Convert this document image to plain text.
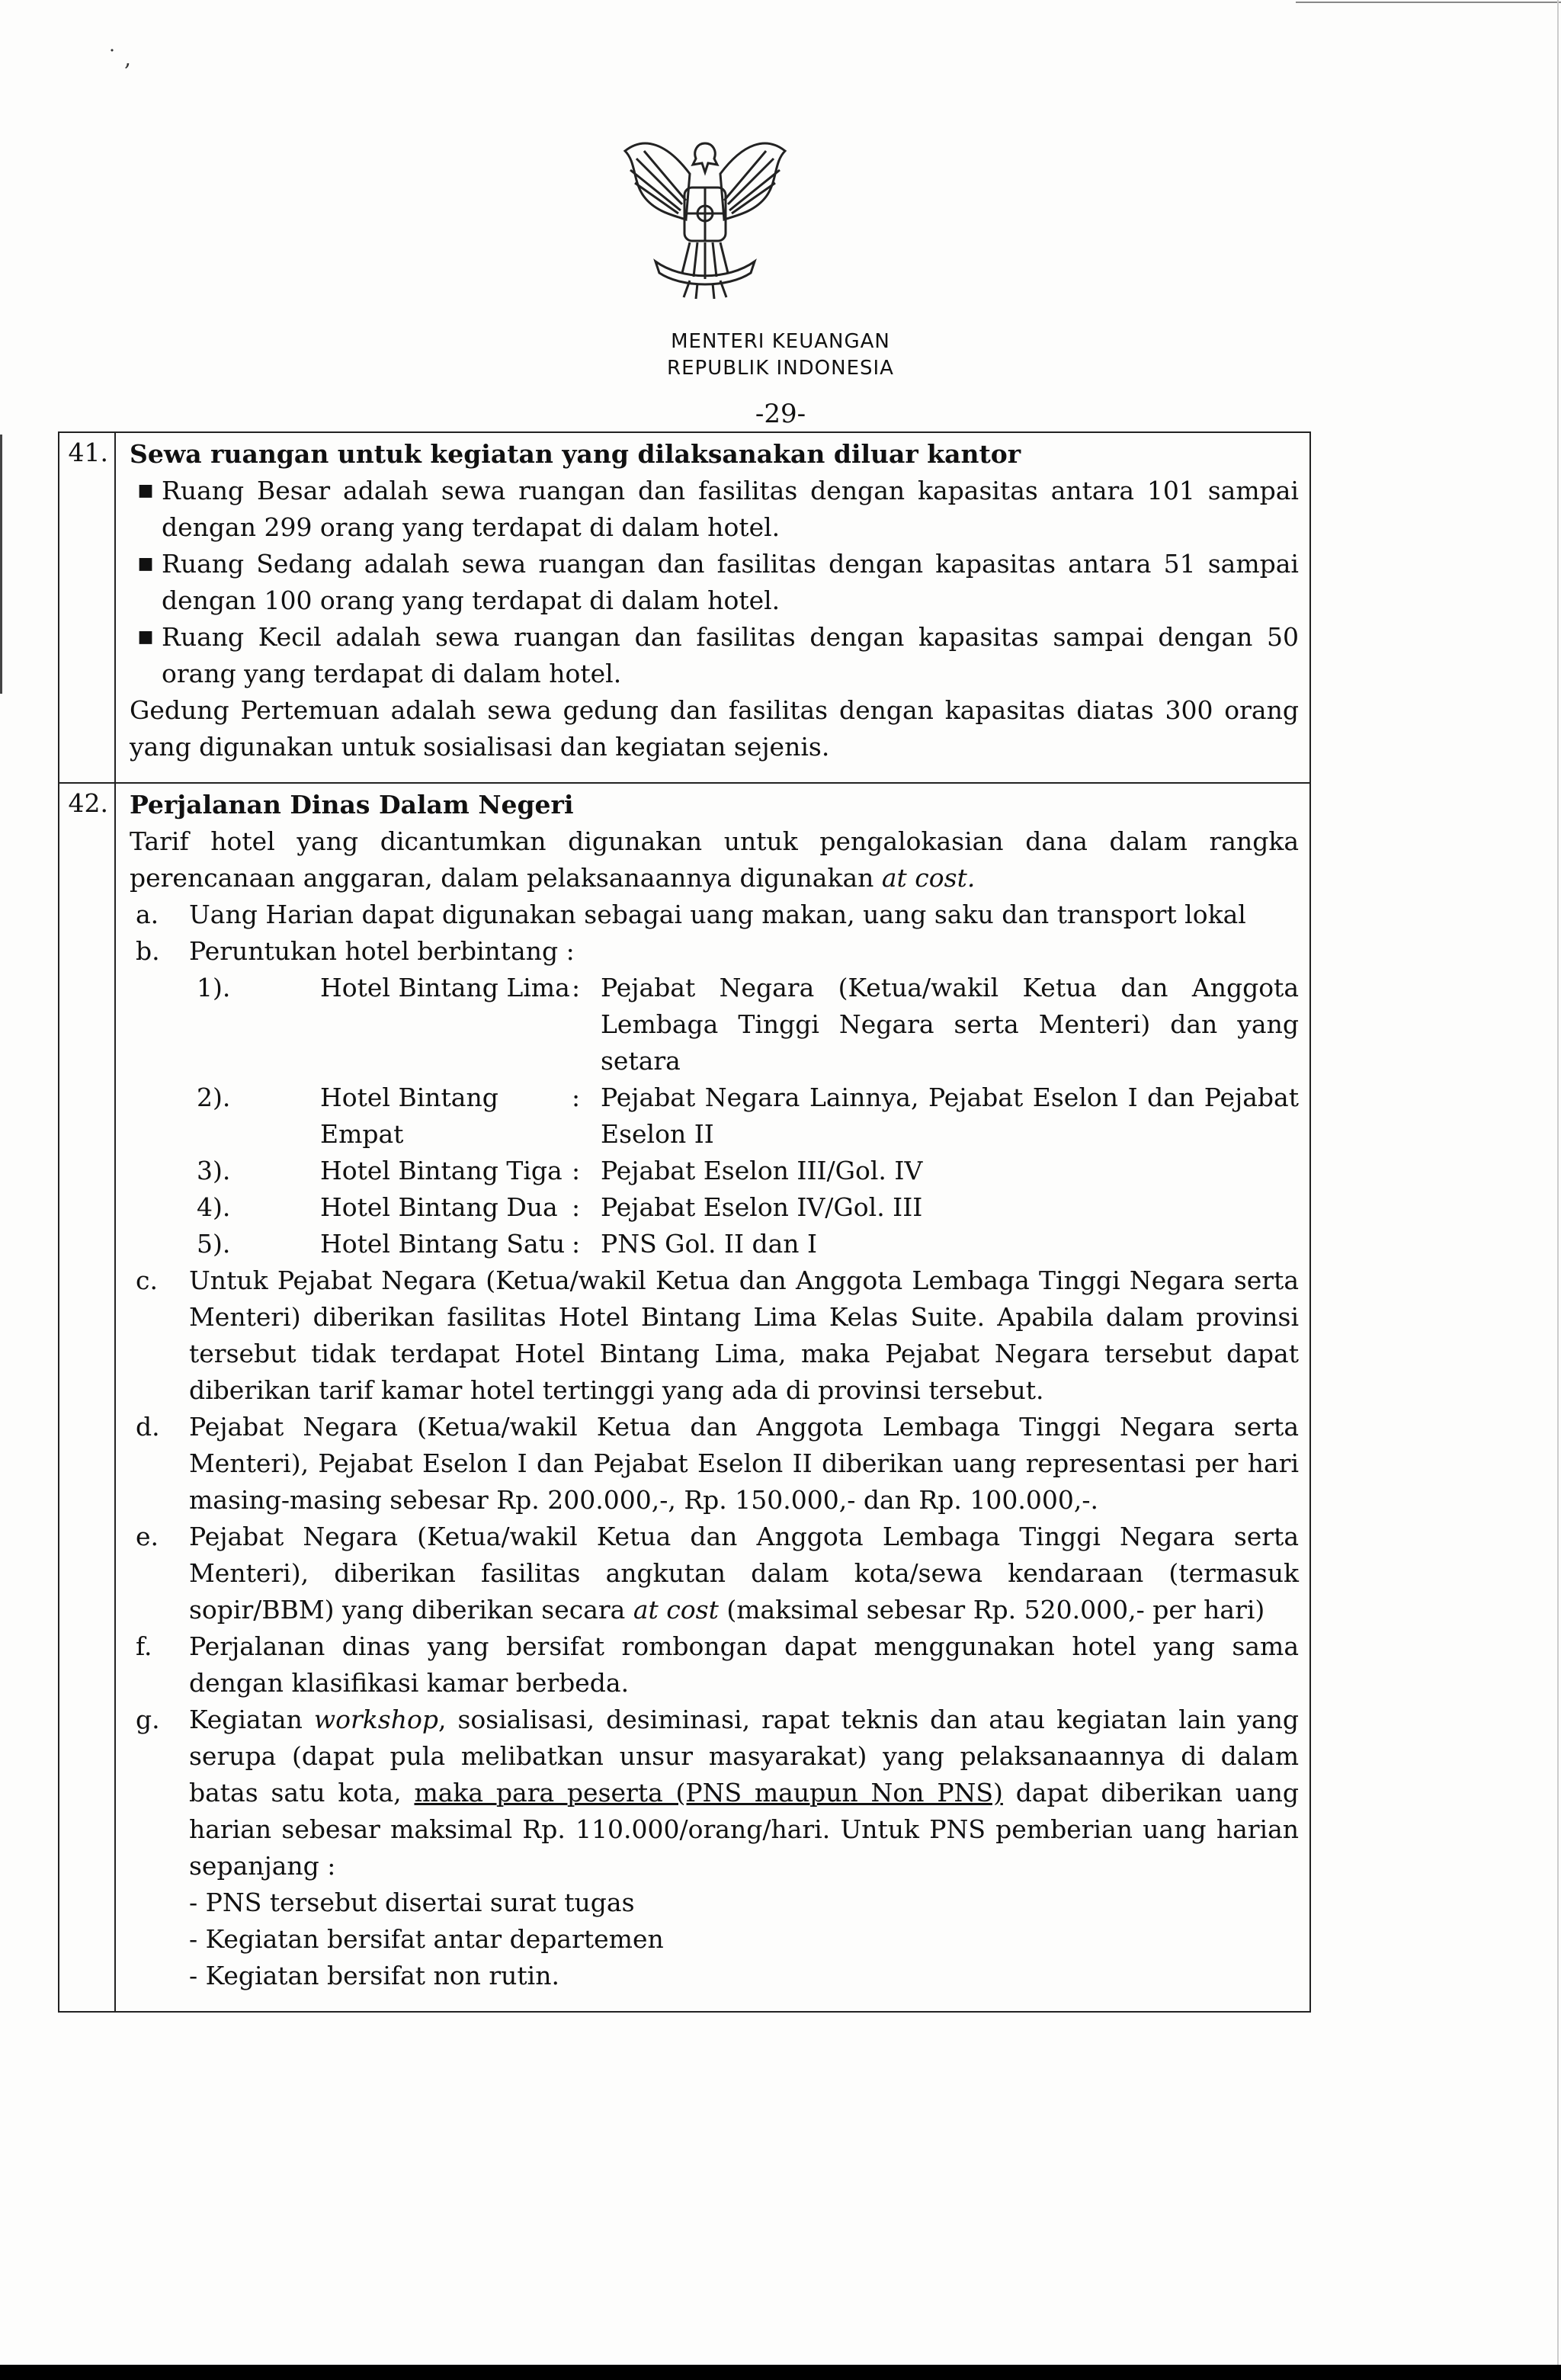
˙ ‚
MENTERI KEUANGAN
REPUBLIK INDONESIA
-29-
41. Sewa ruangan untuk kegiatan yang dilaksanakan diluar kantor
■ Ruang Besar adalah sewa ruangan dan fasilitas dengan kapasitas antara 101 sampai dengan 299 orang yang terdapat di dalam hotel.
■ Ruang Sedang adalah sewa ruangan dan fasilitas dengan kapasitas antara 51 sampai dengan 100 orang yang terdapat di dalam hotel.
■ Ruang Kecil adalah sewa ruangan dan fasilitas dengan kapasitas sampai dengan 50 orang yang terdapat di dalam hotel.
Gedung Pertemuan adalah sewa gedung dan fasilitas dengan kapasitas diatas 300 orang yang digunakan untuk sosialisasi dan kegiatan sejenis.
42. Perjalanan Dinas Dalam Negeri
Tarif hotel yang dicantumkan digunakan untuk pengalokasian dana dalam rangka perencanaan anggaran, dalam pelaksanaannya digunakan at cost.
a.	Uang Harian dapat digunakan sebagai uang makan, uang saku dan transport lokal
b.	Peruntukan hotel berbintang :
1).	Hotel Bintang Lima : Pejabat Negara (Ketua/wakil Ketua dan Anggota Lembaga Tinggi Negara serta Menteri) dan yang setara
2).	Hotel Bintang Empat
: Pejabat Negara Lainnya, Pejabat Eselon I dan Pejabat Eselon II
3).	Hotel Bintang Tiga : Pejabat Eselon III/Gol. IV
4).	Hotel Bintang Dua : Pejabat Eselon IV/Gol. III
5).	Hotel Bintang Satu : PNS Gol. II dan I
c.	Untuk Pejabat Negara (Ketua/wakil Ketua dan Anggota Lembaga Tinggi Negara serta Menteri) diberikan fasilitas Hotel Bintang Lima Kelas Suite. Apabila dalam provinsi tersebut tidak terdapat Hotel Bintang Lima, maka Pejabat Negara tersebut dapat diberikan tarif kamar hotel tertinggi yang ada di provinsi tersebut.
d.	Pejabat Negara (Ketua/wakil Ketua dan Anggota Lembaga Tinggi Negara serta Menteri), Pejabat Eselon I dan Pejabat Eselon II diberikan uang representasi per hari masing-masing sebesar Rp. 200.000,-, Rp. 150.000,- dan Rp. 100.000,-.
e.	Pejabat Negara (Ketua/wakil Ketua dan Anggota Lembaga Tinggi Negara serta Menteri), diberikan fasilitas angkutan dalam kota/sewa kendaraan (termasuk sopir/BBM) yang diberikan secara at cost (maksimal sebesar Rp. 520.000,- per hari)
f.	Perjalanan dinas yang bersifat rombongan dapat menggunakan hotel yang sama dengan klasifikasi kamar berbeda.
g.	Kegiatan workshop, sosialisasi, desiminasi, rapat teknis dan atau kegiatan lain yang serupa (dapat pula melibatkan unsur masyarakat) yang pelaksanaannya di dalam batas satu kota, maka para peserta (PNS maupun Non PNS) dapat diberikan uang harian sebesar maksimal Rp. 110.000/orang/hari. Untuk PNS pemberian uang harian sepanjang :
- PNS tersebut disertai surat tugas
- Kegiatan bersifat antar departemen
- Kegiatan bersifat non rutin.
